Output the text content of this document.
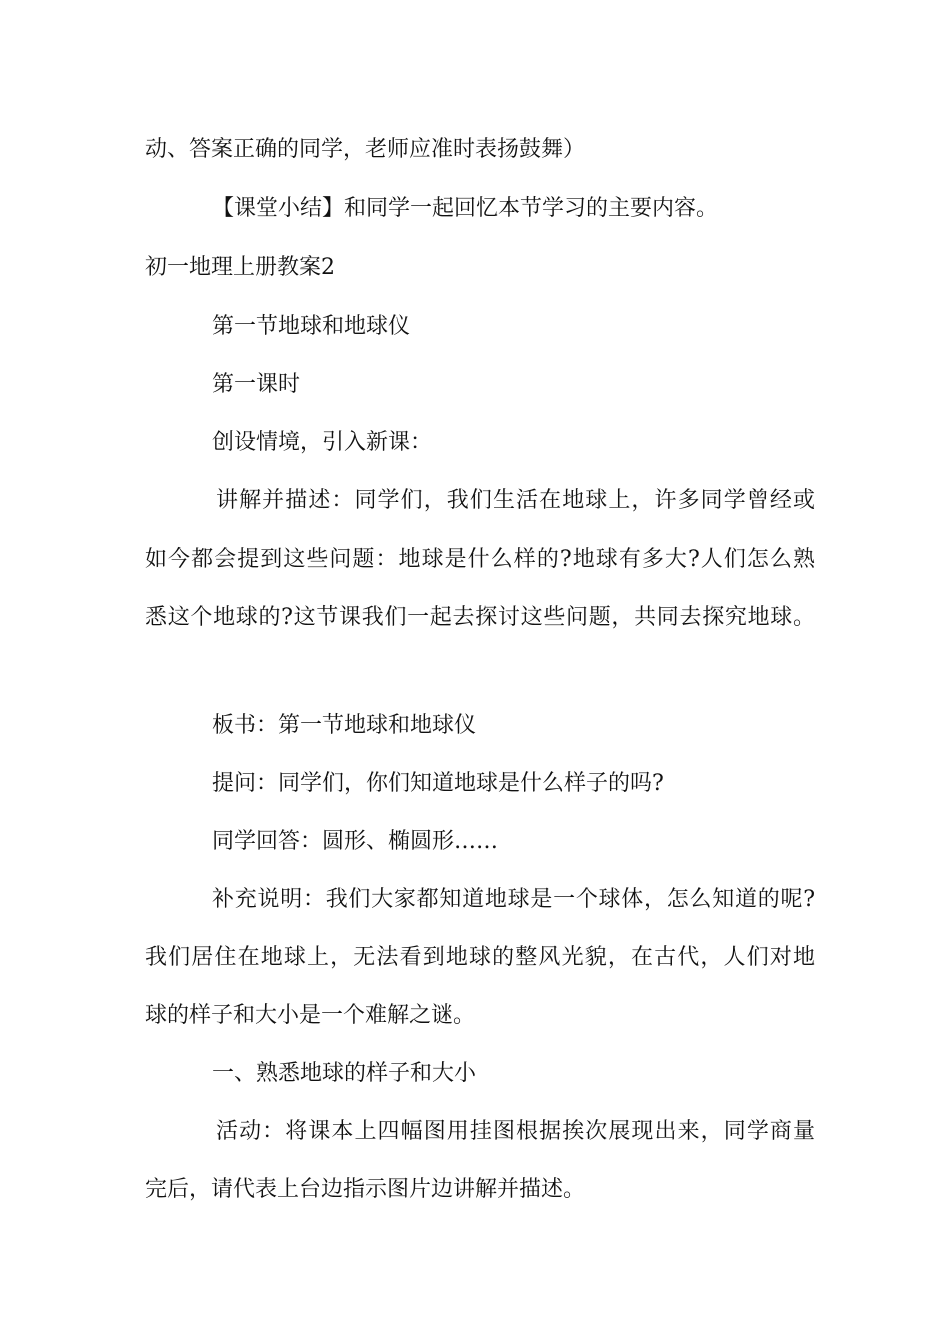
动、答案正确的同学，老师应准时表扬鼓舞）
【课堂小结】和同学一起回忆本节学习的主要内容。
初一地理上册教案2
第一节地球和地球仪
第一课时
创设情境，引入新课：
讲解并描述：同学们，我们生活在地球上，许多同学曾经或
如今都会提到这些问题：地球是什么样的?地球有多大?人们怎么熟
悉这个地球的?这节课我们一起去探讨这些问题，共同去探究地球。
板书：第一节地球和地球仪
提问：同学们，你们知道地球是什么样子的吗?
同学回答：圆形、椭圆形……
补充说明：我们大家都知道地球是一个球体，怎么知道的呢?
我们居住在地球上，无法看到地球的整风光貌，在古代，人们对地
球的样子和大小是一个难解之谜。
一、熟悉地球的样子和大小
活动：将课本上四幅图用挂图根据挨次展现出来，同学商量
完后，请代表上台边指示图片边讲解并描述。
